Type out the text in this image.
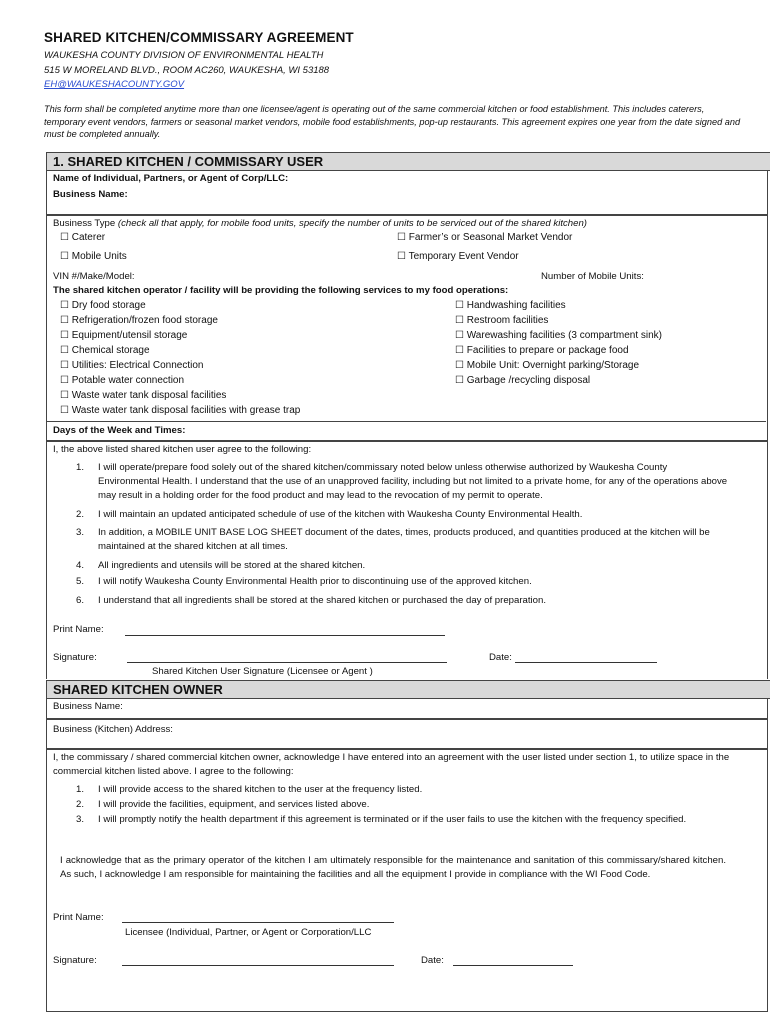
SHARED KITCHEN/COMMISSARY AGREEMENT
WAUKESHA COUNTY DIVISION OF ENVIRONMENTAL HEALTH
515 W MORELAND BLVD., ROOM AC260, WAUKESHA, WI 53188
EH@WAUKESHACOUNTY.GOV
This form shall be completed anytime more than one licensee/agent is operating out of the same commercial kitchen or food establishment. This includes caterers, temporary event vendors, farmers or seasonal market vendors, mobile food establishments, pop-up restaurants. This agreement expires one year from the date signed and must be completed annually.
1. SHARED KITCHEN / COMMISSARY USER
Name of Individual, Partners, or Agent of Corp/LLC:
Business Name:
Business Type (check all that apply, for mobile food units, specify the number of units to be serviced out of the shared kitchen)
☐ Caterer	☐ Farmer’s or Seasonal Market Vendor
☐ Mobile Units	☐ Temporary Event Vendor
VIN #/Make/Model:	Number of Mobile Units:
The shared kitchen operator / facility will be providing the following services to my food operations:
☐ Dry food storage
☐ Refrigeration/frozen food storage
☐ Equipment/utensil storage
☐ Chemical storage
☐ Utilities: Electrical Connection
☐ Potable water connection
☐ Waste water tank disposal facilities
☐ Waste water tank disposal facilities with grease trap
☐ Handwashing facilities
☐ Restroom facilities
☐ Warewashing facilities (3 compartment sink)
☐ Facilities to prepare or package food
☐ Mobile Unit: Overnight parking/Storage
☐ Garbage /recycling disposal
Days of the Week and Times:
I, the above listed shared kitchen user agree to the following:
1. I will operate/prepare food solely out of the shared kitchen/commissary noted below unless otherwise authorized by Waukesha County Environmental Health. I understand that the use of an unapproved facility, including but not limited to a private home, for any of the operations above may result in a holding order for the food product and may lead to the revocation of my permit to operate.
2. I will maintain an updated anticipated schedule of use of the kitchen with Waukesha County Environmental Health.
3. In addition, a MOBILE UNIT BASE LOG SHEET document of the dates, times, products produced, and quantities produced at the kitchen will be maintained at the shared kitchen at all times.
4. All ingredients and utensils will be stored at the shared kitchen.
5. I will notify Waukesha County Environmental Health prior to discontinuing use of the approved kitchen.
6. I understand that all ingredients shall be stored at the shared kitchen or purchased the day of preparation.
Print Name:
Signature:	Date:
Shared Kitchen User Signature (Licensee or Agent )
SHARED KITCHEN OWNER
Business Name:
Business (Kitchen) Address:
I, the commissary / shared commercial kitchen owner, acknowledge I have entered into an agreement with the user listed under section 1, to utilize space in the commercial kitchen listed above. I agree to the following:
1. I will provide access to the shared kitchen to the user at the frequency listed.
2. I will provide the facilities, equipment, and services listed above.
3. I will promptly notify the health department if this agreement is terminated or if the user fails to use the kitchen with the frequency specified.
I acknowledge that as the primary operator of the kitchen I am ultimately responsible for the maintenance and sanitation of this commissary/shared kitchen. As such, I acknowledge I am responsible for maintaining the facilities and all the equipment I provide in compliance with the WI Food Code.
Print Name:
Licensee (Individual, Partner, or Agent or Corporation/LLC
Signature:	Date:
